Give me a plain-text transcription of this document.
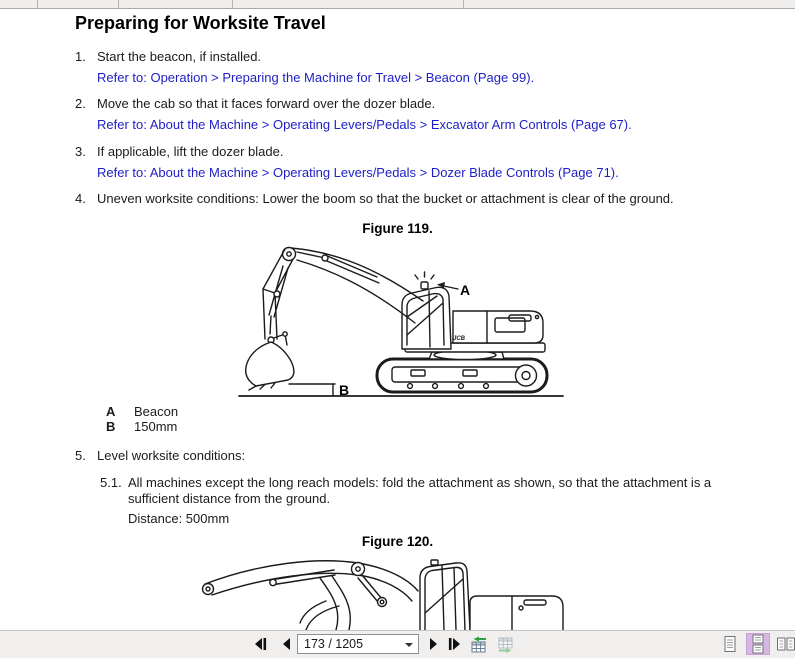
Preparing for Worksite Travel
1. Start the beacon, if installed.
Refer to: Operation > Preparing the Machine for Travel > Beacon (Page 99).
2. Move the cab so that it faces forward over the dozer blade.
Refer to: About the Machine > Operating Levers/Pedals > Excavator Arm Controls (Page 67).
3. If applicable, lift the dozer blade.
Refer to: About the Machine > Operating Levers/Pedals > Dozer Blade Controls (Page 71).
4. Uneven worksite conditions: Lower the boom so that the bucket or attachment is clear of the ground.
Figure 119.
A
B
JCB
A Beacon
B 150mm
5. Level worksite conditions:
5.1. All machines except the long reach models: fold the attachment as shown, so that the attachment is a sufficient distance from the ground.
Distance: 500mm
Figure 120.
173 / 1205
